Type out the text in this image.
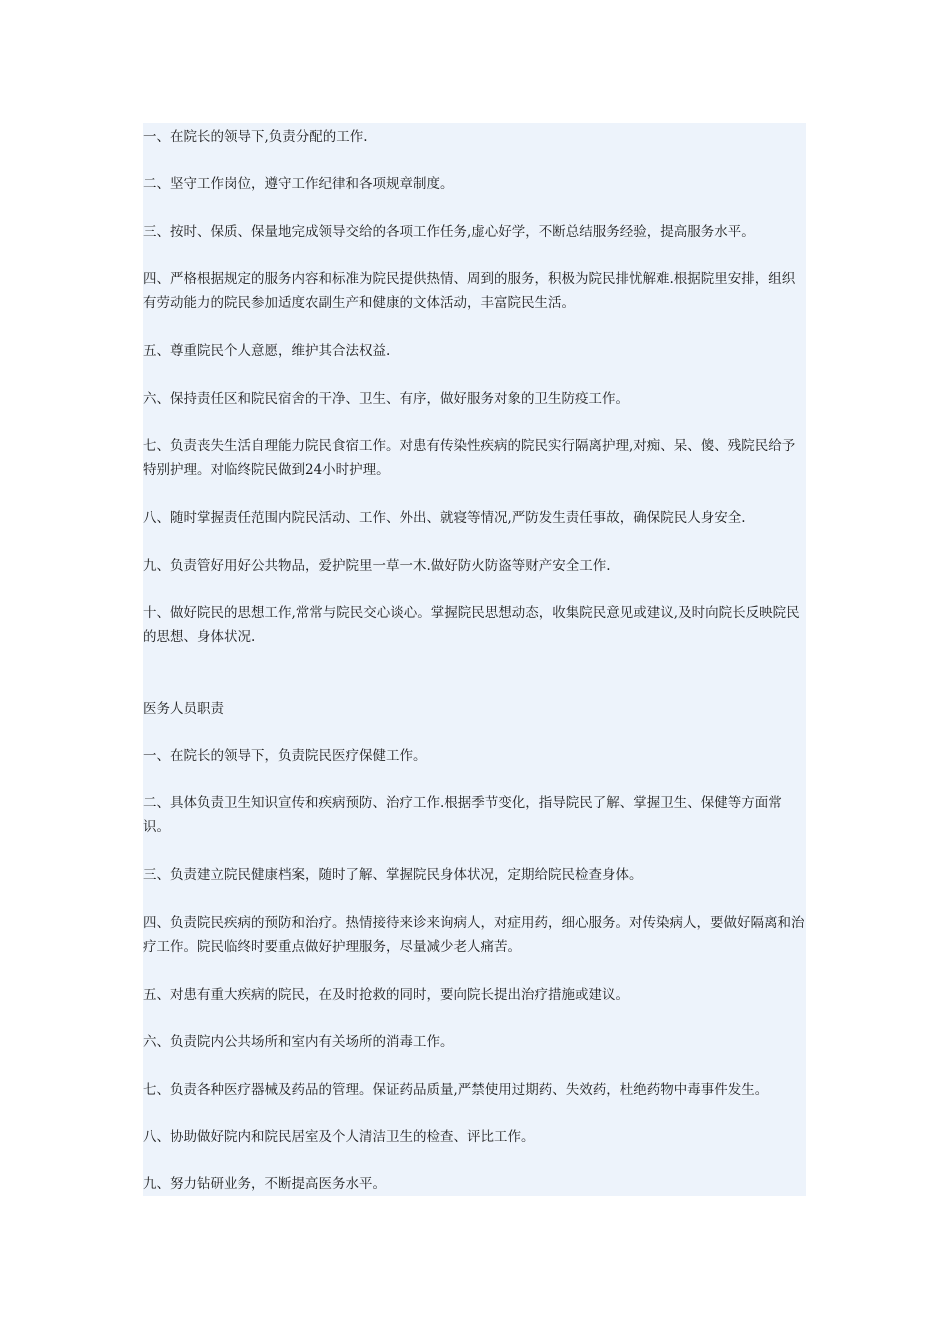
一、在院长的领导下,负责分配的工作.

二、坚守工作岗位，遵守工作纪律和各项规章制度。

三、按时、保质、保量地完成领导交给的各项工作任务,虚心好学，不断总结服务经验，提高服务水平。

四、严格根据规定的服务内容和标准为院民提供热情、周到的服务，积极为院民排忧解难.根据院里安排，组织有劳动能力的院民参加适度农副生产和健康的文体活动，丰富院民生活。

五、尊重院民个人意愿，维护其合法权益.

六、保持责任区和院民宿舍的干净、卫生、有序，做好服务对象的卫生防疫工作。

七、负责丧失生活自理能力院民食宿工作。对患有传染性疾病的院民实行隔离护理,对痴、呆、傻、残院民给予特别护理。对临终院民做到24小时护理。

八、随时掌握责任范围内院民活动、工作、外出、就寝等情况,严防发生责任事故，确保院民人身安全.

九、负责管好用好公共物品，爱护院里一草一木.做好防火防盗等财产安全工作.

十、做好院民的思想工作,常常与院民交心谈心。掌握院民思想动态，收集院民意见或建议,及时向院长反映院民的思想、身体状况.

医务人员职责

一、在院长的领导下，负责院民医疗保健工作。

二、具体负责卫生知识宣传和疾病预防、治疗工作.根据季节变化，指导院民了解、掌握卫生、保健等方面常识。

三、负责建立院民健康档案，随时了解、掌握院民身体状况，定期给院民检查身体。

四、负责院民疾病的预防和治疗。热情接待来诊来询病人，对症用药，细心服务。对传染病人，要做好隔离和治疗工作。院民临终时要重点做好护理服务，尽量减少老人痛苦。

五、对患有重大疾病的院民，在及时抢救的同时，要向院长提出治疗措施或建议。

六、负责院内公共场所和室内有关场所的消毒工作。

七、负责各种医疗器械及药品的管理。保证药品质量,严禁使用过期药、失效药，杜绝药物中毒事件发生。

八、协助做好院内和院民居室及个人清洁卫生的检查、评比工作。

九、努力钻研业务，不断提高医务水平。
